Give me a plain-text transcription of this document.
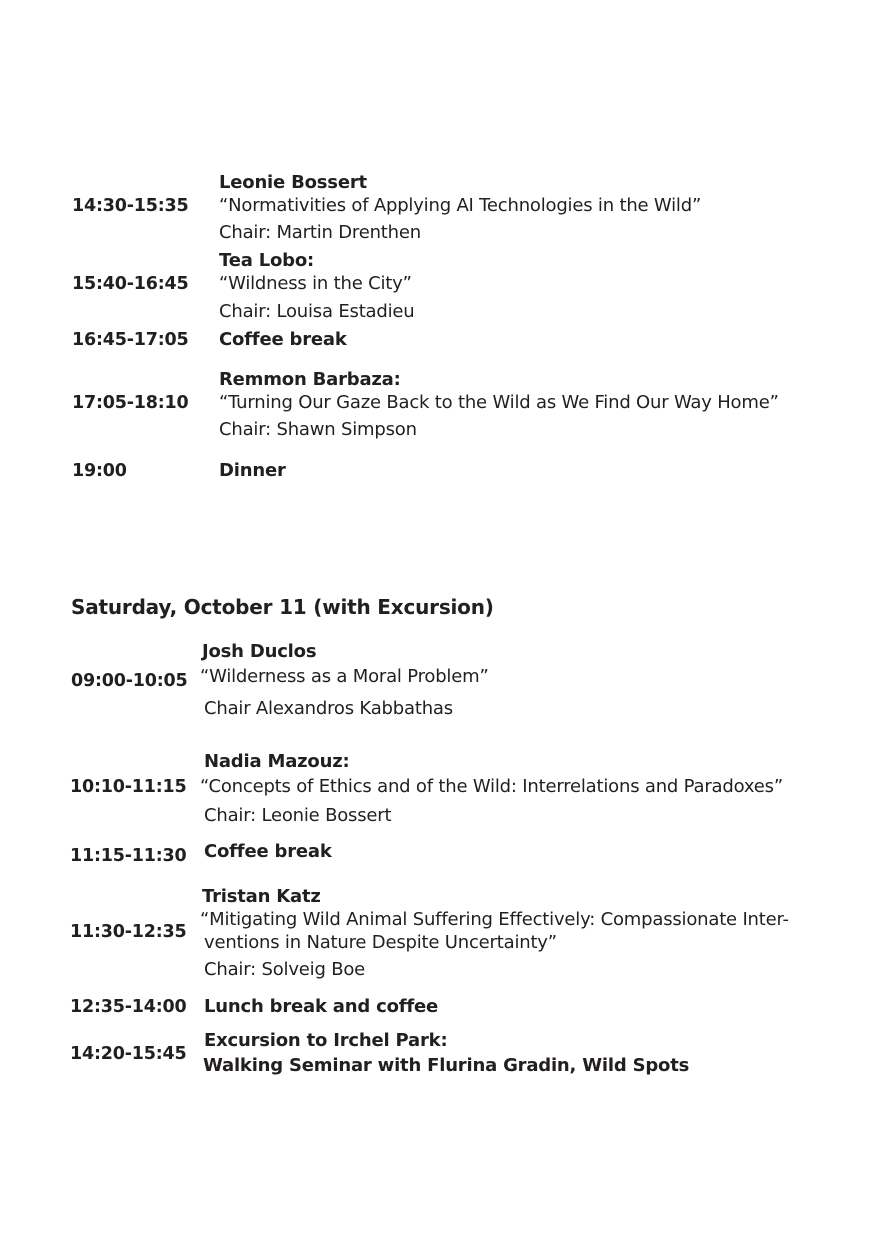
Leonie Bossert
14:30-15:35 “Normativities of Applying AI Technologies in the Wild”
Chair: Martin Drenthen
Tea Lobo:
15:40-16:45 “Wildness in the City”
Chair: Louisa Estadieu
16:45-17:05 Coffee break
Remmon Barbaza:
17:05-18:10 “Turning Our Gaze Back to the Wild as We Find Our Way Home”
Chair: Shawn Simpson
19:00	Dinner
Saturday, October 11 (with Excursion)
Josh Duclos
09:00-10:05 “Wilderness as a Moral Problem”
Chair Alexandros Kabbathas
Nadia Mazouz:
10:10-11:15 “Concepts of Ethics and of the Wild: Interrelations and Paradoxes”
Chair: Leonie Bossert
11:15-11:30 Coffee break
Tristan Katz
“Mitigating Wild Animal Suffering Effectively: Compassionate Inter-
11:30-12:35 ventions in Nature Despite Uncertainty”
Chair: Solveig Boe
12:35-14:00 Lunch break and coffee
Excursion to Irchel Park:
14:20-15:45
Walking Seminar with Flurina Gradin, Wild Spots
